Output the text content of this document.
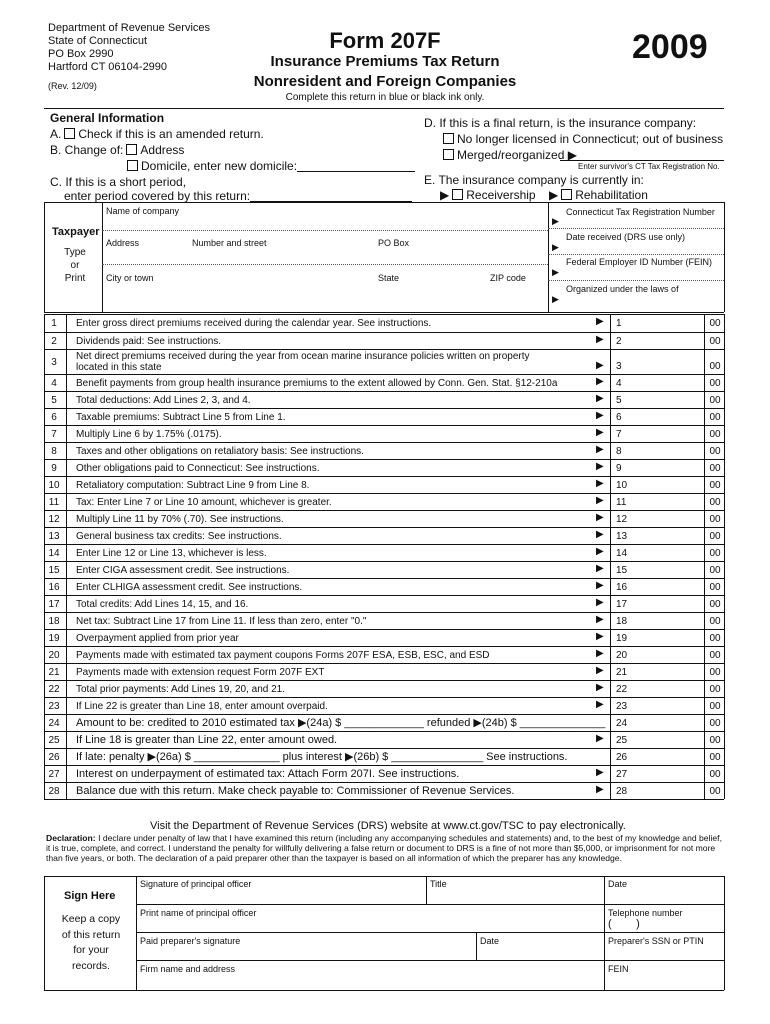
Department of Revenue Services
State of Connecticut
PO Box 2990
Hartford CT 06104-2990
(Rev. 12/09)
Form 207F
Insurance Premiums Tax Return
Nonresident and Foreign Companies
2009
Complete this return in blue or black ink only.
General Information
A. Check if this is an amended return.
B. Change of: Address
Domicile, enter new domicile:
C. If this is a short period,
enter period covered by this return:
D. If this is a final return, is the insurance company:
No longer licensed in Connecticut; out of business
Merged/reorganized ▶
Enter survivor's CT Tax Registration No.
E. The insurance company is currently in:
▶ Receivership ▶ Rehabilitation
Taxpayer
Type
or
Print
Name of company
Address	Number and street	PO Box
City or town	State	ZIP code
Connecticut Tax Registration Number
▶
Date received (DRS use only)
▶
Federal Employer ID Number (FEIN)
▶
Organized under the laws of
▶
1	Enter gross direct premiums received during the calendar year. See instructions.	1	00
▶
2	Dividends paid: See instructions.	2	00
▶
3
Net direct premiums received during the year from ocean marine insurance policies written on property located in this state	3	00
▶
4	Benefit payments from group health insurance premiums to the extent allowed by Conn. Gen. Stat. §12-210a	4	00
▶
5	Total deductions: Add Lines 2, 3, and 4.	5	00
▶
6	Taxable premiums: Subtract Line 5 from Line 1.	6	00
▶
7	Multiply Line 6 by 1.75% (.0175).	7	00
▶
8	Taxes and other obligations on retaliatory basis: See instructions.	8	00
▶
9	Other obligations paid to Connecticut: See instructions.	9	00
▶
10	Retaliatory computation: Subtract Line 9 from Line 8.	10	00
▶
11	Tax: Enter Line 7 or Line 10 amount, whichever is greater.	11	00
▶
12	Multiply Line 11 by 70% (.70). See instructions.	12	00
▶
13	General business tax credits: See instructions.	13	00
▶
14	Enter Line 12 or Line 13, whichever is less.	14	00
▶
15	Enter CIGA assessment credit. See instructions.	15	00
▶
16	Enter CLHIGA assessment credit. See instructions.	16	00
▶
17	Total credits: Add Lines 14, 15, and 16.	17	00
▶
18	Net tax: Subtract Line 17 from Line 11. If less than zero, enter "0."	18	00
▶
19	Overpayment applied from prior year	19	00
▶
20	Payments made with estimated tax payment coupons Forms 207F ESA, ESB, ESC, and ESD	20	00
▶
21	Payments made with extension request Form 207F EXT	21	00
▶
22	Total prior payments: Add Lines 19, 20, and 21.	22	00
▶
23	If Line 22 is greater than Line 18, enter amount overpaid.	23	00
▶
24	Amount to be: credited to 2010 estimated tax ▶(24a) $ _____________ refunded ▶(24b) $ ______________	24	00
25	If Line 18 is greater than Line 22, enter amount owed.	25	00
▶
26	If late: penalty ▶(26a) $ ______________ plus interest ▶(26b) $ _______________ See instructions.	26	00
27	Interest on underpayment of estimated tax: Attach Form 207I. See instructions.	27	00
▶
28	Balance due with this return. Make check payable to: Commissioner of Revenue Services.	28	00
▶
Visit the Department of Revenue Services (DRS) website at www.ct.gov/TSC to pay electronically.
Declaration: I declare under penalty of law that I have examined this return (including any accompanying schedules and statements) and, to the best of my knowledge and belief, it is true, complete, and correct. I understand the penalty for willfully delivering a false return or document to DRS is a fine of not more than $5,000, or imprisonment for not more than five years, or both. The declaration of a paid preparer other than the taxpayer is based on all information of which the preparer has any knowledge.
Sign Here
Keep a copy
of this return
for your
records.
Signature of principal officer	Title	Date
Print name of principal officer	Telephone number
(        )
Paid preparer's signature	Date	Preparer's SSN or PTIN
Firm name and address	FEIN
